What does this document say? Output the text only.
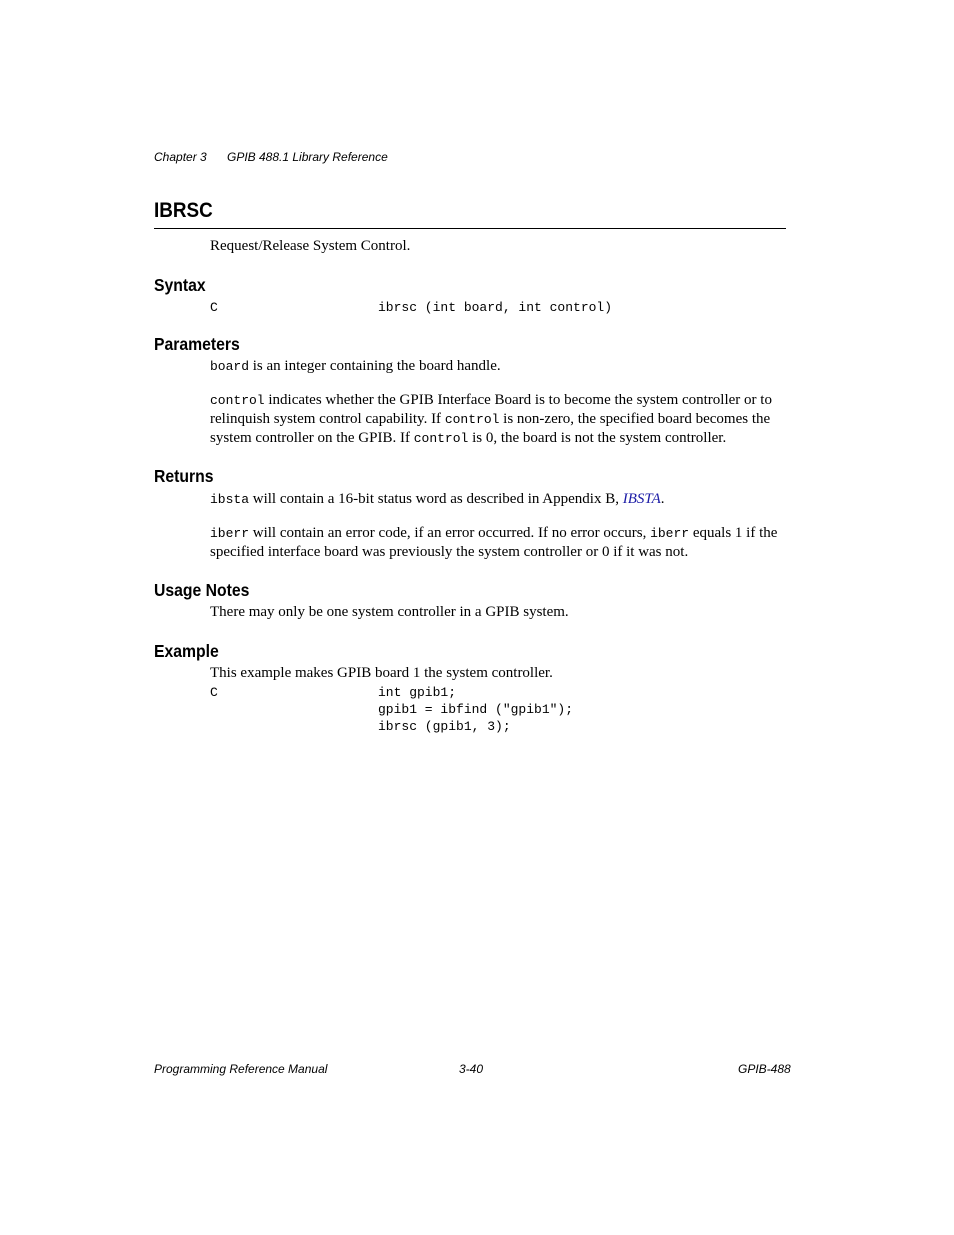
Chapter 3 GPIB 488.1 Library Reference
IBRSC
Request/Release System Control.
Syntax
C	ibrsc (int board, int control)
Parameters
board is an integer containing the board handle.
control indicates whether the GPIB Interface Board is to become the system controller or to relinquish system control capability. If control is non-zero, the specified board becomes the system controller on the GPIB. If control is 0, the board is not the system controller.
Returns
ibsta will contain a 16-bit status word as described in Appendix B, IBSTA.
iberr will contain an error code, if an error occurred. If no error occurs, iberr equals 1 if the specified interface board was previously the system controller or 0 if it was not.
Usage Notes
There may only be one system controller in a GPIB system.
Example
This example makes GPIB board 1 the system controller.
C	int gpib1;
gpib1 = ibfind ("gpib1");
ibrsc (gpib1, 3);
Programming Reference Manual	3-40	GPIB-488
